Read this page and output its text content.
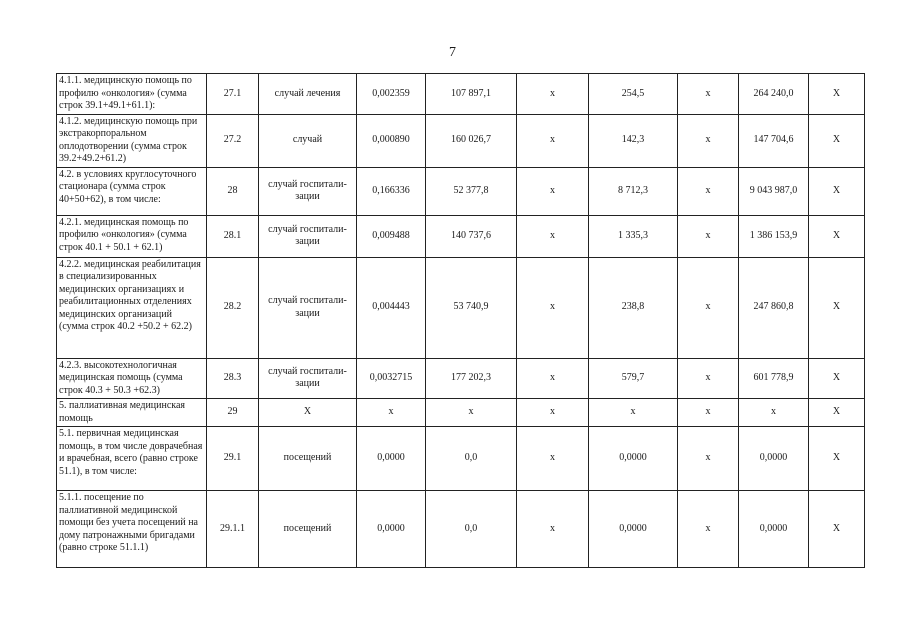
7
4.1.1. медицинскую помощь по профилю «онкология» (сумма строк 39.1+49.1+61.1):	27.1	случай лечения	0,002359	107 897,1	х	254,5	х	264 240,0	Х
4.1.2. медицинскую помощь при экстракорпоральном оплодотворении (сумма строк 39.2+49.2+61.2)	27.2	случай	0,000890	160 026,7	х	142,3	х	147 704,6	Х
4.2. в условиях круглосуточного стационара (сумма строк 40+50+62), в том числе:	28	случай госпитали-зации	0,166336	52 377,8	х	8 712,3	х	9 043 987,0	Х
4.2.1. медицинская помощь по профилю «онкология» (сумма строк 40.1 + 50.1 + 62.1)	28.1	случай госпитали-зации	0,009488	140 737,6	х	1 335,3	х	1 386 153,9	Х
4.2.2. медицинская реабилитация в специализированных медицинских организациях и реабилитационных отделениях медицинских организаций (сумма строк 40.2 +50.2 + 62.2)	28.2	случай госпитали-зации	0,004443	53 740,9	х	238,8	х	247 860,8	Х
4.2.3. высокотехнологичная медицинская помощь (сумма строк 40.3 + 50.3 +62.3)	28.3	случай госпитали-зации	0,0032715	177 202,3	х	579,7	х	601 778,9	Х
5. паллиативная медицинская помощь	29	Х	х	х	х	х	х	х	Х
5.1. первичная медицинская помощь, в том числе доврачебная и врачебная, всего (равно строке 51.1), в том числе:	29.1	посещений	0,0000	0,0	х	0,0000	х	0,0000	Х
5.1.1. посещение по паллиативной медицинской помощи без учета посещений на дому патронажными бригадами (равно строке 51.1.1)	29.1.1	посещений	0,0000	0,0	х	0,0000	х	0,0000	Х
